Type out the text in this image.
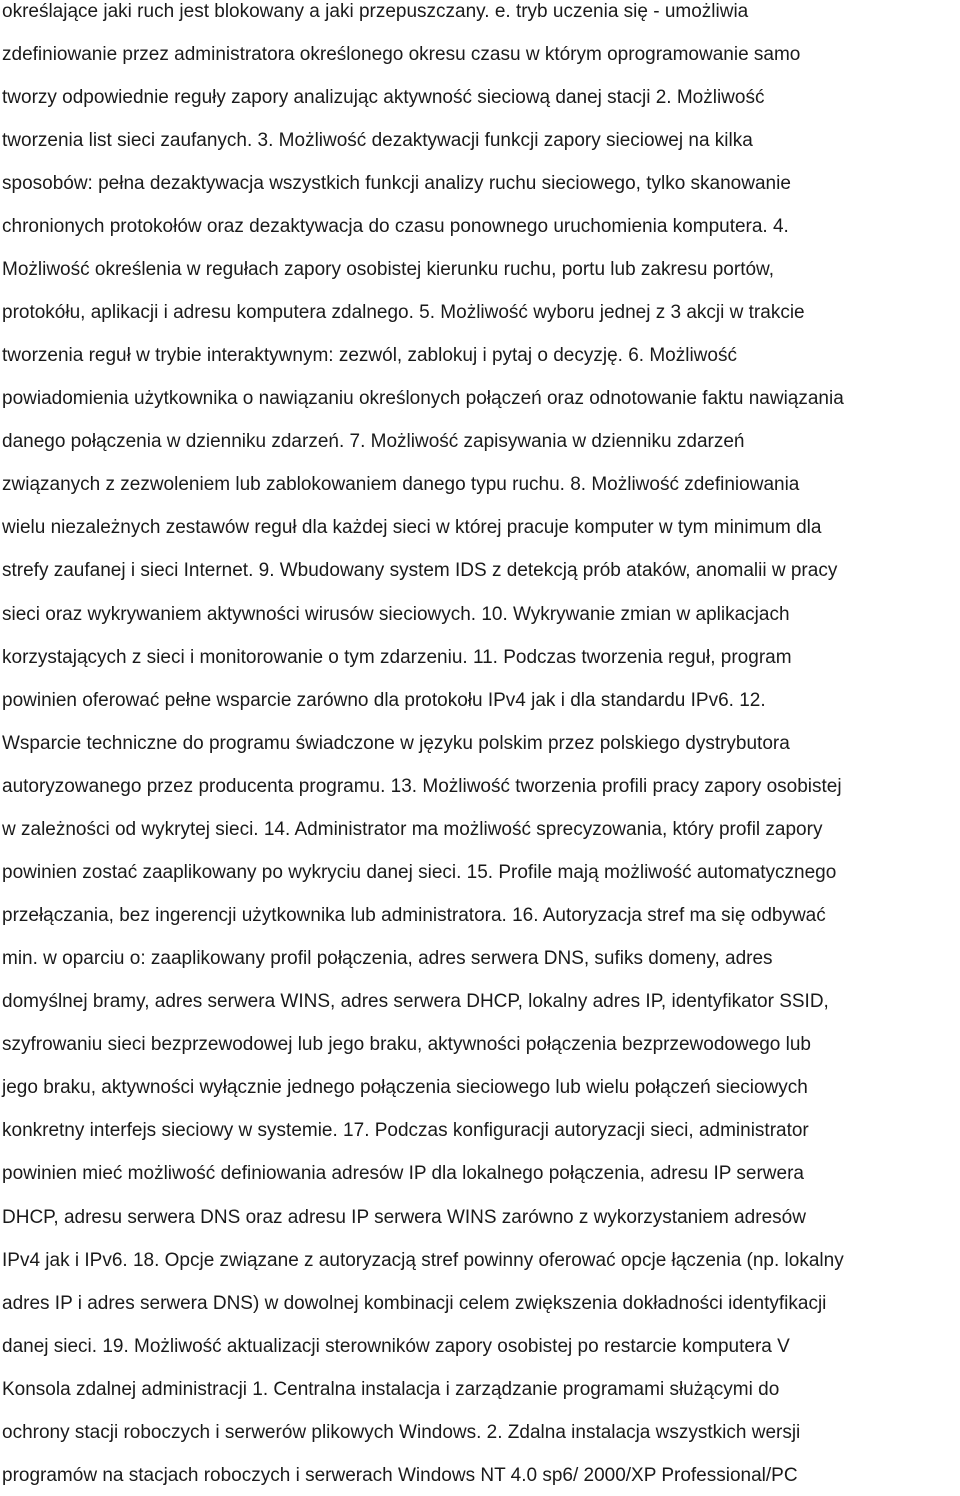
określające jaki ruch jest blokowany a jaki przepuszczany. e. tryb uczenia się - umożliwia
zdefiniowanie przez administratora określonego okresu czasu w którym oprogramowanie samo
tworzy odpowiednie reguły zapory analizując aktywność sieciową danej stacji 2. Możliwość
tworzenia list sieci zaufanych. 3. Możliwość dezaktywacji funkcji zapory sieciowej na kilka
sposobów: pełna dezaktywacja wszystkich funkcji analizy ruchu sieciowego, tylko skanowanie
chronionych protokołów oraz dezaktywacja do czasu ponownego uruchomienia komputera. 4.
Możliwość określenia w regułach zapory osobistej kierunku ruchu, portu lub zakresu portów,
protokółu, aplikacji i adresu komputera zdalnego. 5. Możliwość wyboru jednej z 3 akcji w trakcie
tworzenia reguł w trybie interaktywnym: zezwól, zablokuj i pytaj o decyzję. 6. Możliwość
powiadomienia użytkownika o nawiązaniu określonych połączeń oraz odnotowanie faktu nawiązania
danego połączenia w dzienniku zdarzeń. 7. Możliwość zapisywania w dzienniku zdarzeń
związanych z zezwoleniem lub zablokowaniem danego typu ruchu. 8. Możliwość zdefiniowania
wielu niezależnych zestawów reguł dla każdej sieci w której pracuje komputer w tym minimum dla
strefy zaufanej i sieci Internet. 9. Wbudowany system IDS z detekcją prób ataków, anomalii w pracy
sieci oraz wykrywaniem aktywności wirusów sieciowych. 10. Wykrywanie zmian w aplikacjach
korzystających z sieci i monitorowanie o tym zdarzeniu. 11. Podczas tworzenia reguł, program
powinien oferować pełne wsparcie zarówno dla protokołu IPv4 jak i dla standardu IPv6. 12.
Wsparcie techniczne do programu świadczone w języku polskim przez polskiego dystrybutora
autoryzowanego przez producenta programu. 13. Możliwość tworzenia profili pracy zapory osobistej
w zależności od wykrytej sieci. 14. Administrator ma możliwość sprecyzowania, który profil zapory
powinien zostać zaaplikowany po wykryciu danej sieci. 15. Profile mają możliwość automatycznego
przełączania, bez ingerencji użytkownika lub administratora. 16. Autoryzacja stref ma się odbywać
min. w oparciu o: zaaplikowany profil połączenia, adres serwera DNS, sufiks domeny, adres
domyślnej bramy, adres serwera WINS, adres serwera DHCP, lokalny adres IP, identyfikator SSID,
szyfrowaniu sieci bezprzewodowej lub jego braku, aktywności połączenia bezprzewodowego lub
jego braku, aktywności wyłącznie jednego połączenia sieciowego lub wielu połączeń sieciowych
konkretny interfejs sieciowy w systemie. 17. Podczas konfiguracji autoryzacji sieci, administrator
powinien mieć możliwość definiowania adresów IP dla lokalnego połączenia, adresu IP serwera
DHCP, adresu serwera DNS oraz adresu IP serwera WINS zarówno z wykorzystaniem adresów
IPv4 jak i IPv6. 18. Opcje związane z autoryzacją stref powinny oferować opcje łączenia (np. lokalny
adres IP i adres serwera DNS) w dowolnej kombinacji celem zwiększenia dokładności identyfikacji
danej sieci. 19. Możliwość aktualizacji sterowników zapory osobistej po restarcie komputera V
Konsola zdalnej administracji 1. Centralna instalacja i zarządzanie programami służącymi do
ochrony stacji roboczych i serwerów plikowych Windows. 2. Zdalna instalacja wszystkich wersji
programów na stacjach roboczych i serwerach Windows NT 4.0 sp6/ 2000/XP Professional/PC
